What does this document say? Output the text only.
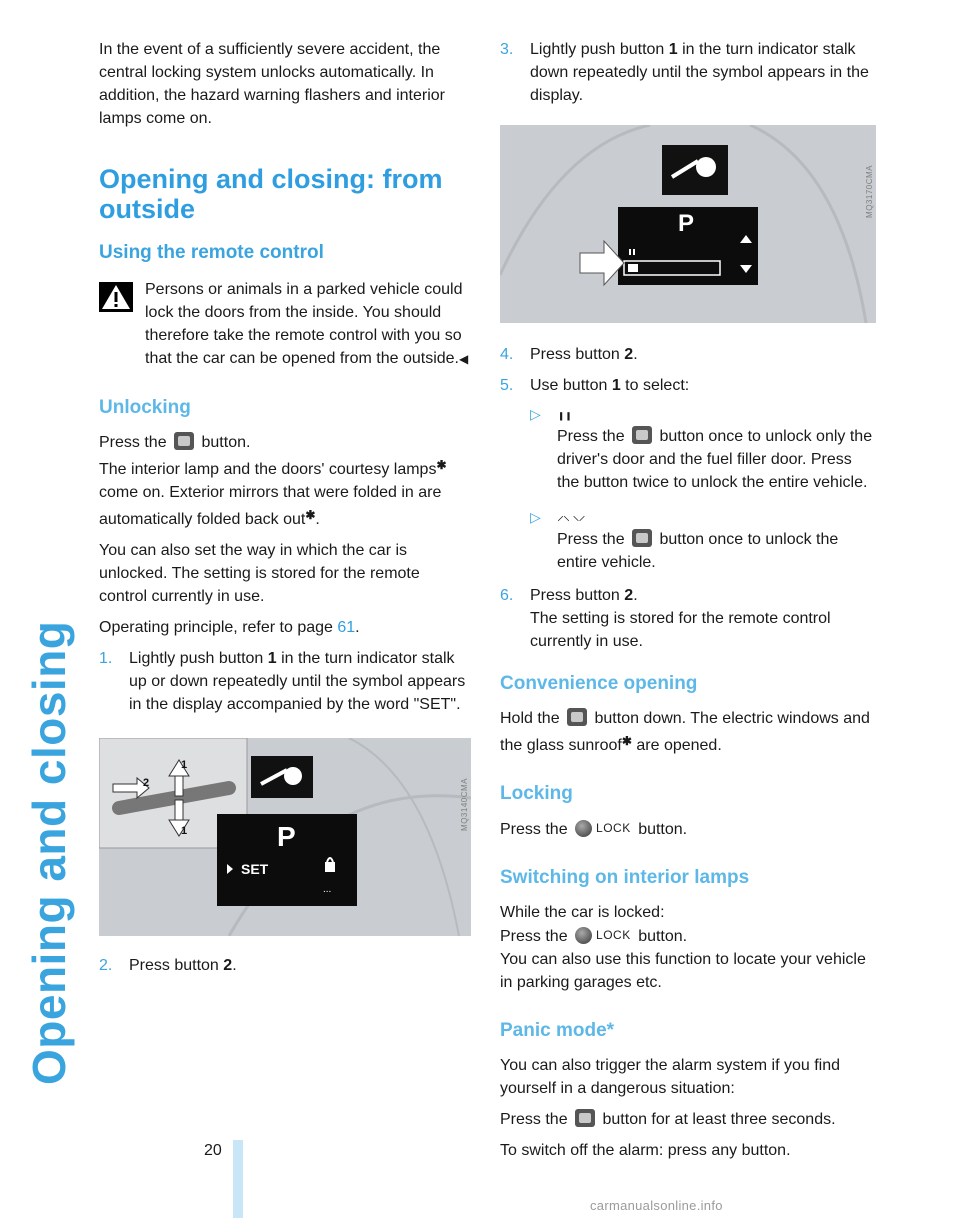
Opening and closing

In the event of a sufficiently severe accident, the central locking system unlocks automatically. In addition, the hazard warning flashers and interior lamps come on.

Opening and closing: from outside
Using the remote control
Persons or animals in a parked vehicle could lock the doors from the inside. You should therefore take the remote control with you so that the car can be opened from the outside.◀
Unlocking

Press the button.

The interior lamp and the doors' courtesy lamps✱ come on. Exterior mirrors that were folded in are automatically folded back out✱.

You can also set the way in which the car is unlocked. The setting is stored for the remote control currently in use.

Operating principle, refer to page 61.

1. Lightly push button 1 in the turn indicator stalk up or down repeatedly until the symbol appears in the display accompanied by the word "SET".
1
1
2
P
SET
...
MQ3140CMA
2. Press button 2.
3. Lightly push button 1 in the turn indicator stalk down repeatedly until the symbol appears in the display.
P
MQ3170CMA
4. Press button 2.
5. Use button 1 to select:
▷ ╻╻
Press the button once to unlock only the driver's door and the fuel filler door. Press the button twice to unlock the entire vehicle.
▷ ⸝⸜ ⸜⸝
Press the button once to unlock the entire vehicle.
6. Press button 2.
The setting is stored for the remote control currently in use.
Convenience opening

Hold the button down. The electric windows and the glass sunroof✱ are opened.

Locking

Press the LOCK button.

Switching on interior lamps

While the car is locked:
Press the LOCK button.
You can also use this function to locate your vehicle in parking garages etc.

Panic mode*

You can also trigger the alarm system if you find yourself in a dangerous situation:

Press the button for at least three seconds.

To switch off the alarm: press any button.

20
carmanualsonline.info
